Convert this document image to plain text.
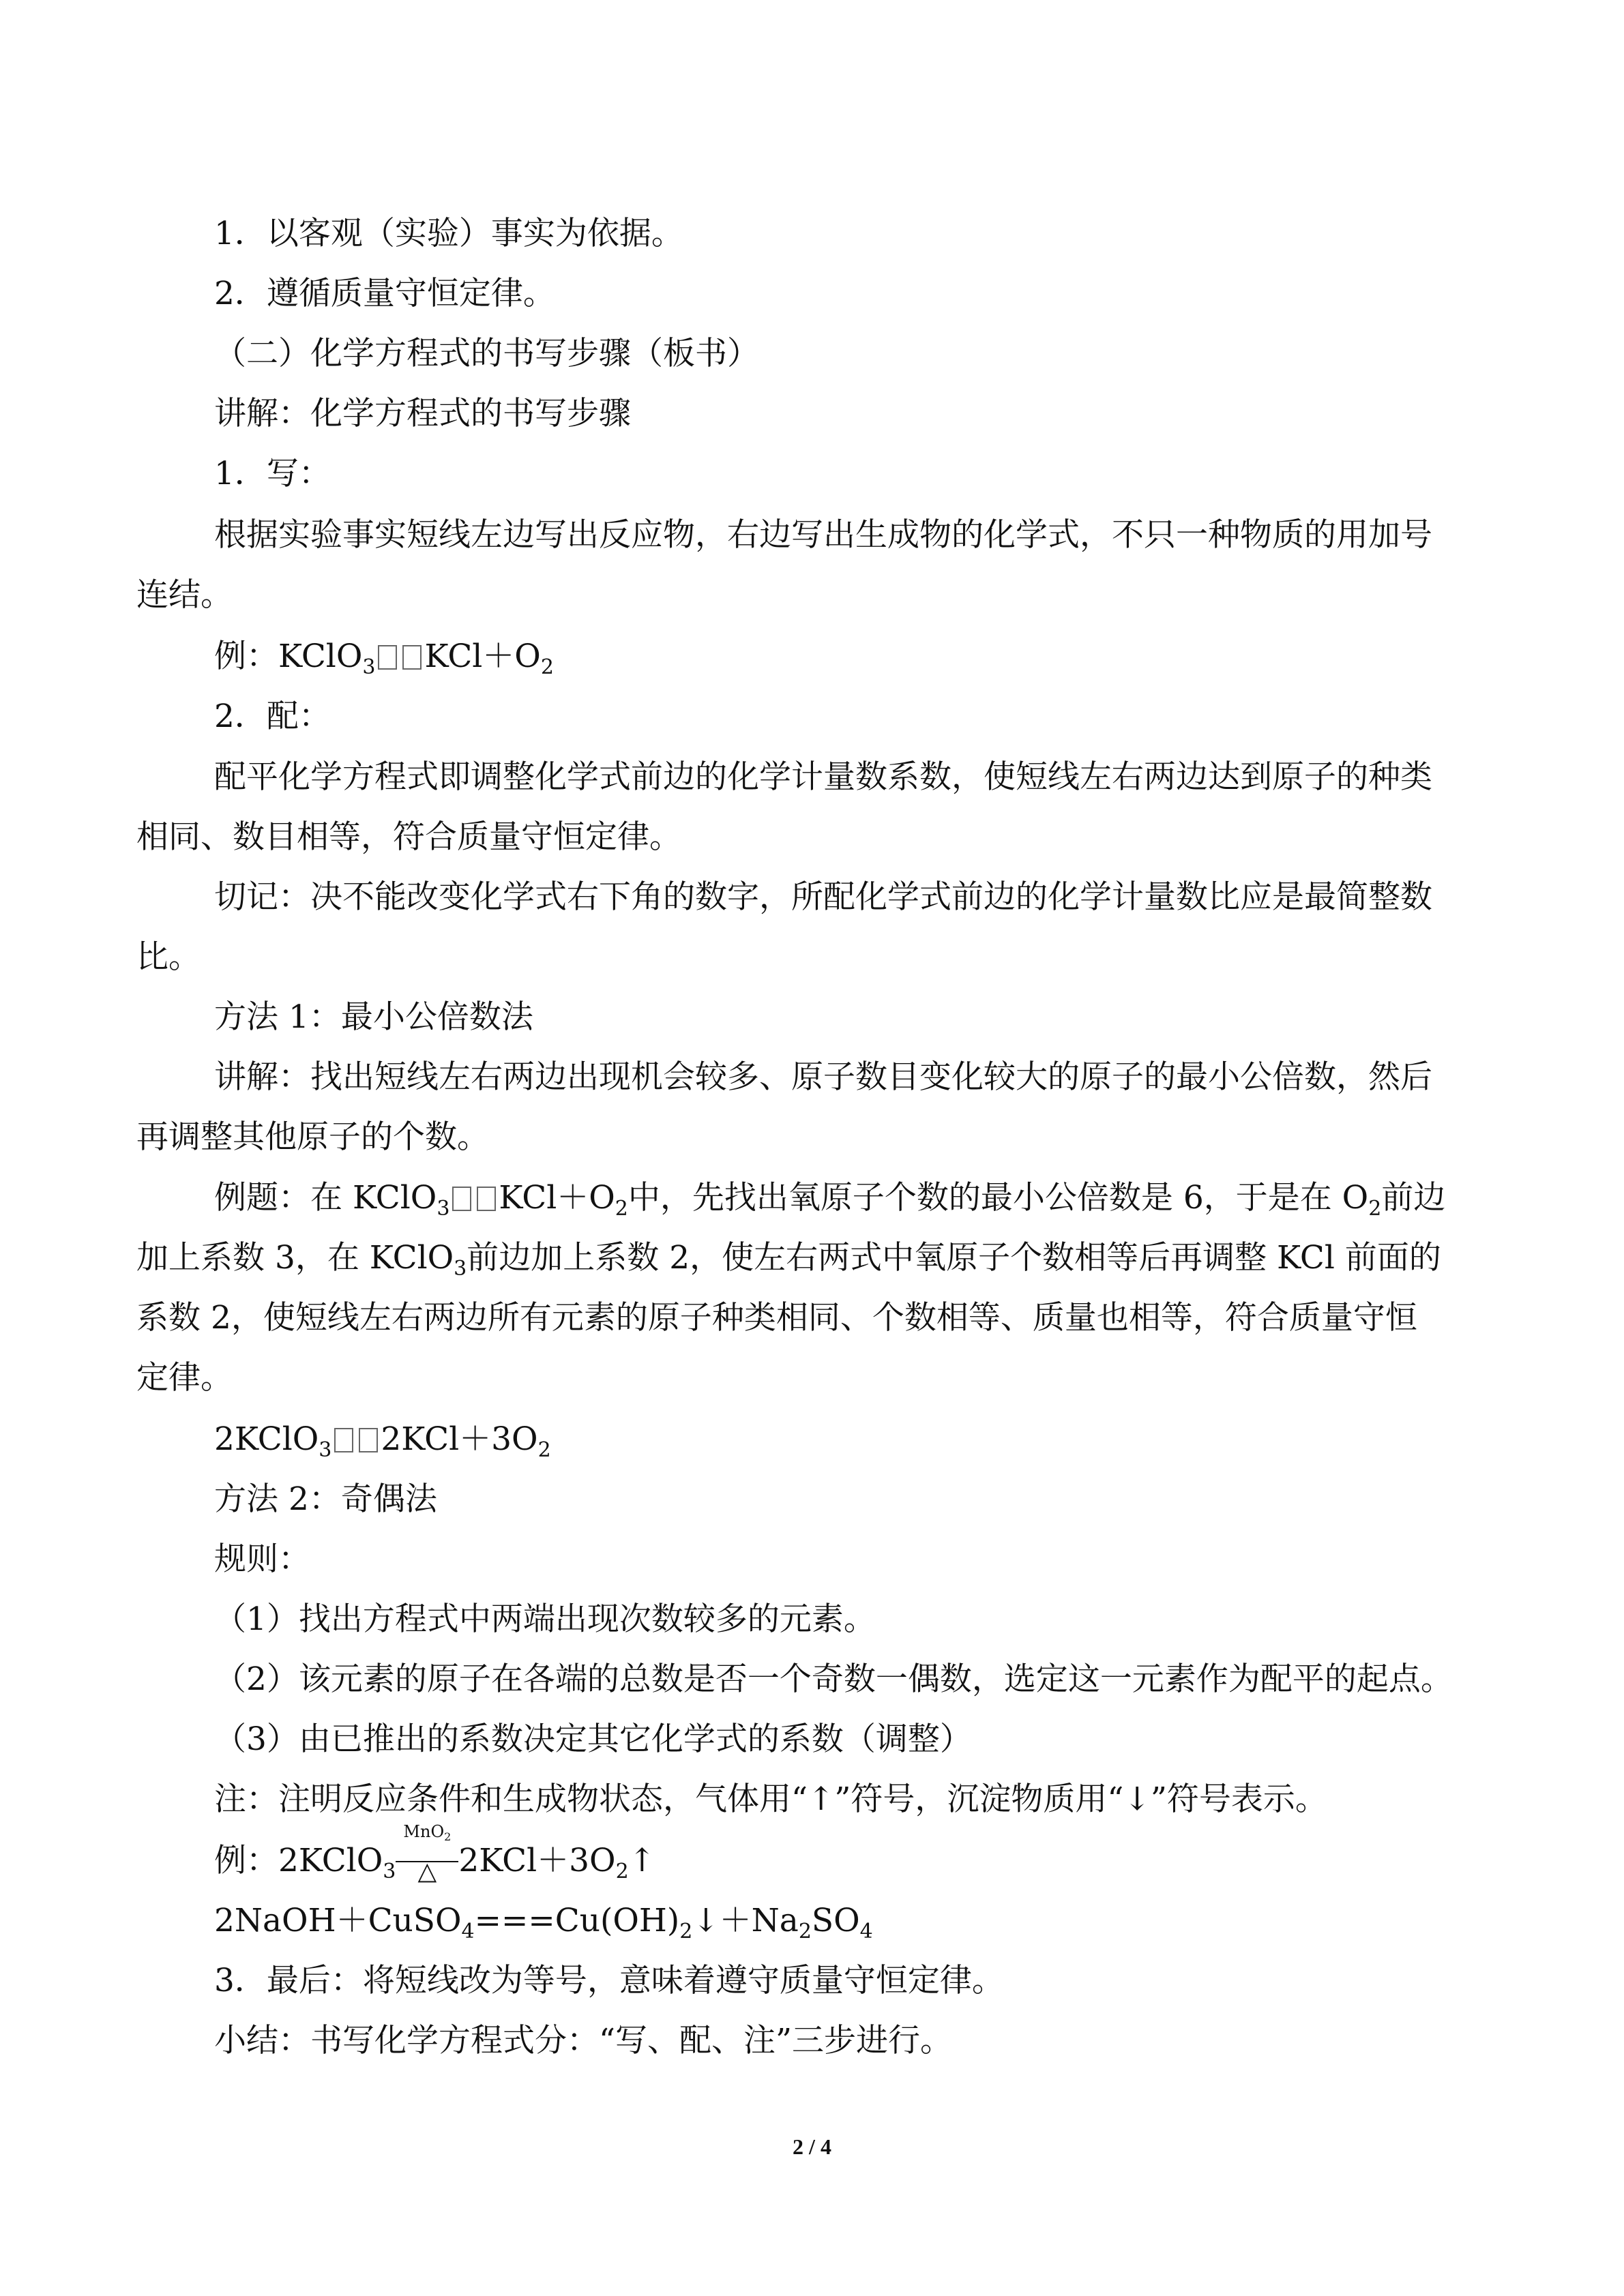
1．以客观（实验）事实为依据。
2．遵循质量守恒定律。
（二）化学方程式的书写步骤（板书）
讲解：化学方程式的书写步骤
1．写：
根据实验事实短线左边写出反应物，右边写出生成物的化学式，不只一种物质的用加号
连结。
例：KClO$_3$ $KCl+O_2$
2．配：
配平化学方程式即调整化学式前边的化学计量数系数，使短线左右两边达到原子的种类
相同、数目相等，符合质量守恒定律。
切记：决不能改变化学式右下角的数字，所配化学式前边的化学计量数比应是最简整数
比。
方法 1：最小公倍数法
讲解：找出短线左右两边出现机会较多、原子数目变化较大的原子的最小公倍数，然后
再调整其他原子的个数。
例题：在 KClO$_3$ $KCl+O_2$中，先找出氧原子个数的最小公倍数是 6，于是在 $O_2$前边
加上系数 3，在 KClO$_3$前边加上系数 2，使左右两式中氧原子个数相等后再调整 KCl 前面的
系数 2，使短线左右两边所有元素的原子种类相同、个数相等、质量也相等，符合质量守恒
定律。
2KClO$_3$ $2KCl+3O_2$
方法 2：奇偶法
规则：
（1）找出方程式中两端出现次数较多的元素。
（2）该元素的原子在各端的总数是否一个奇数一偶数，选定这一元素作为配平的起点。
（3）由已推出的系数决定其它化学式的系数（调整）
注：注明反应条件和生成物状态，气体用“↑”符号，沉淀物质用“↓”符号表示。
例：2KClO$_3$
MnO$_2$
△ $2KCl+3O_2↑$
$2NaOH+CuSO_4===Cu(OH)_2↓+Na_2SO_4$
3．最后：将短线改为等号，意味着遵守质量守恒定律。
小结：书写化学方程式分：“写、配、注”三步进行。
2 / 4
